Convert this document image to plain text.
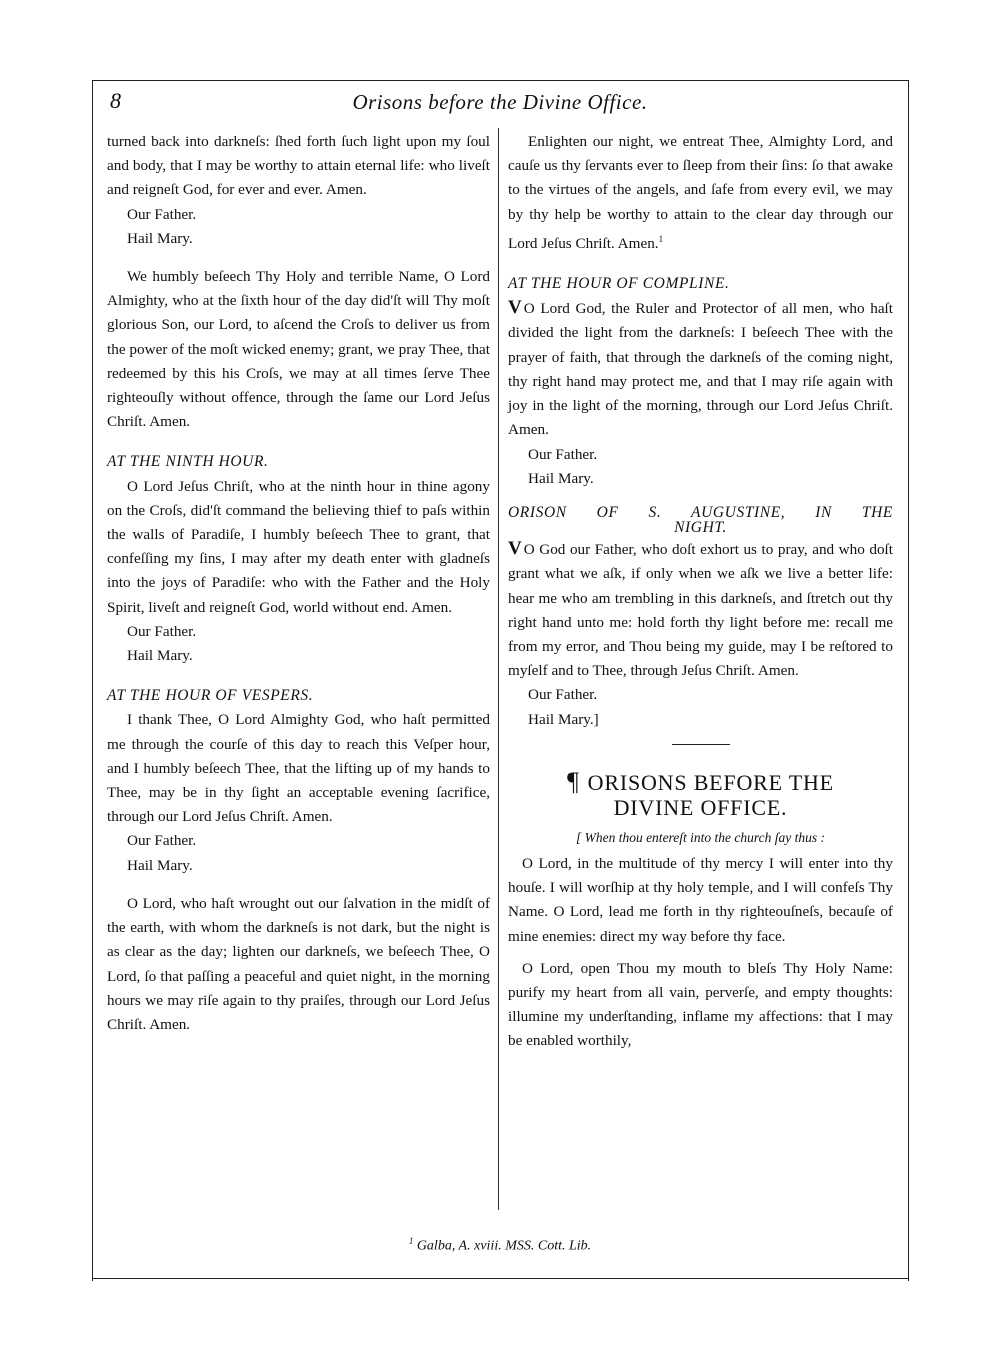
8	Orisons before the Divine Office.

turned back into darkneſs: ſhed forth ſuch light upon my ſoul and body, that I may be worthy to attain eternal life: who liveſt and reigneſt God, for ever and ever. Amen.

Our Father.

Hail Mary.

We humbly beſeech Thy Holy and terrible Name, O Lord Almighty, who at the ſixth hour of the day did'ſt will Thy moſt glorious Son, our Lord, to aſcend the Croſs to deliver us from the power of the moſt wicked enemy; grant, we pray Thee, that redeemed by this his Croſs, we may at all times ſerve Thee righteouſly without offence, through the ſame our Lord Jeſus Chriſt. Amen.

AT THE NINTH HOUR.

O Lord Jeſus Chriſt, who at the ninth hour in thine agony on the Croſs, did'ſt command the believing thief to paſs within the walls of Paradiſe, I humbly beſeech Thee to grant, that confeſſing my ſins, I may after my death enter with gladneſs into the joys of Paradiſe: who with the Father and the Holy Spirit, liveſt and reigneſt God, world without end. Amen.

Our Father.

Hail Mary.

AT THE HOUR OF VESPERS.

I thank Thee, O Lord Almighty God, who haſt permitted me through the courſe of this day to reach this Veſper hour, and I humbly beſeech Thee, that the lifting up of my hands to Thee, may be in thy ſight an acceptable evening ſacrifice, through our Lord Jeſus Chriſt. Amen.

Our Father.

Hail Mary.

O Lord, who haſt wrought out our ſalvation in the midſt of the earth, with whom the darkneſs is not dark, but the night is as clear as the day; lighten our darkneſs, we beſeech Thee, O Lord, ſo that paſſing a peaceful and quiet night, in the morning hours we may riſe again to thy praiſes, through our Lord Jeſus Chriſt. Amen.

Enlighten our night, we entreat Thee, Almighty Lord, and cauſe us thy ſervants ever to ſleep from their ſins: ſo that awake to the virtues of the angels, and ſafe from every evil, we may by thy help be worthy to attain to the clear day through our Lord Jeſus Chriſt. Amen.$^1$

AT THE HOUR OF COMPLINE.

V O Lord God, the Ruler and Protector of all men, who haſt divided the light from the darkneſs: I beſeech Thee with the prayer of faith, that through the darkneſs of the coming night, thy right hand may protect me, and that I may riſe again with joy in the light of the morning, through our Lord Jeſus Chriſt. Amen.

Our Father.

Hail Mary.

ORISON OF S. AUGUSTINE, IN THE

NIGHT.

V O God our Father, who doſt exhort us to pray, and who doſt grant what we aſk, if only when we aſk we live a better life: hear me who am trembling in this darkneſs, and ſtretch out thy right hand unto me: hold forth thy light before me: recall me from my error, and Thou being my guide, may I be reſtored to myſelf and to Thee, through Jeſus Chriſt. Amen.

Our Father.

Hail Mary.]

¶ ORISONS BEFORE THE

DIVINE OFFICE.

[ When thou entereſt into the church ſay thus :

O Lord, in the multitude of thy mercy I will enter into thy houſe. I will worſhip at thy holy temple, and I will confeſs Thy Name. O Lord, lead me forth in thy righteouſneſs, becauſe of mine enemies: direct my way before thy face.

O Lord, open Thou my mouth to bleſs Thy Holy Name: purify my heart from all vain, perverſe, and empty thoughts: illumine my underſtanding, inflame my affections: that I may be enabled worthily,

$^1$ Galba, A. xviii. MSS. Cott. Lib.
